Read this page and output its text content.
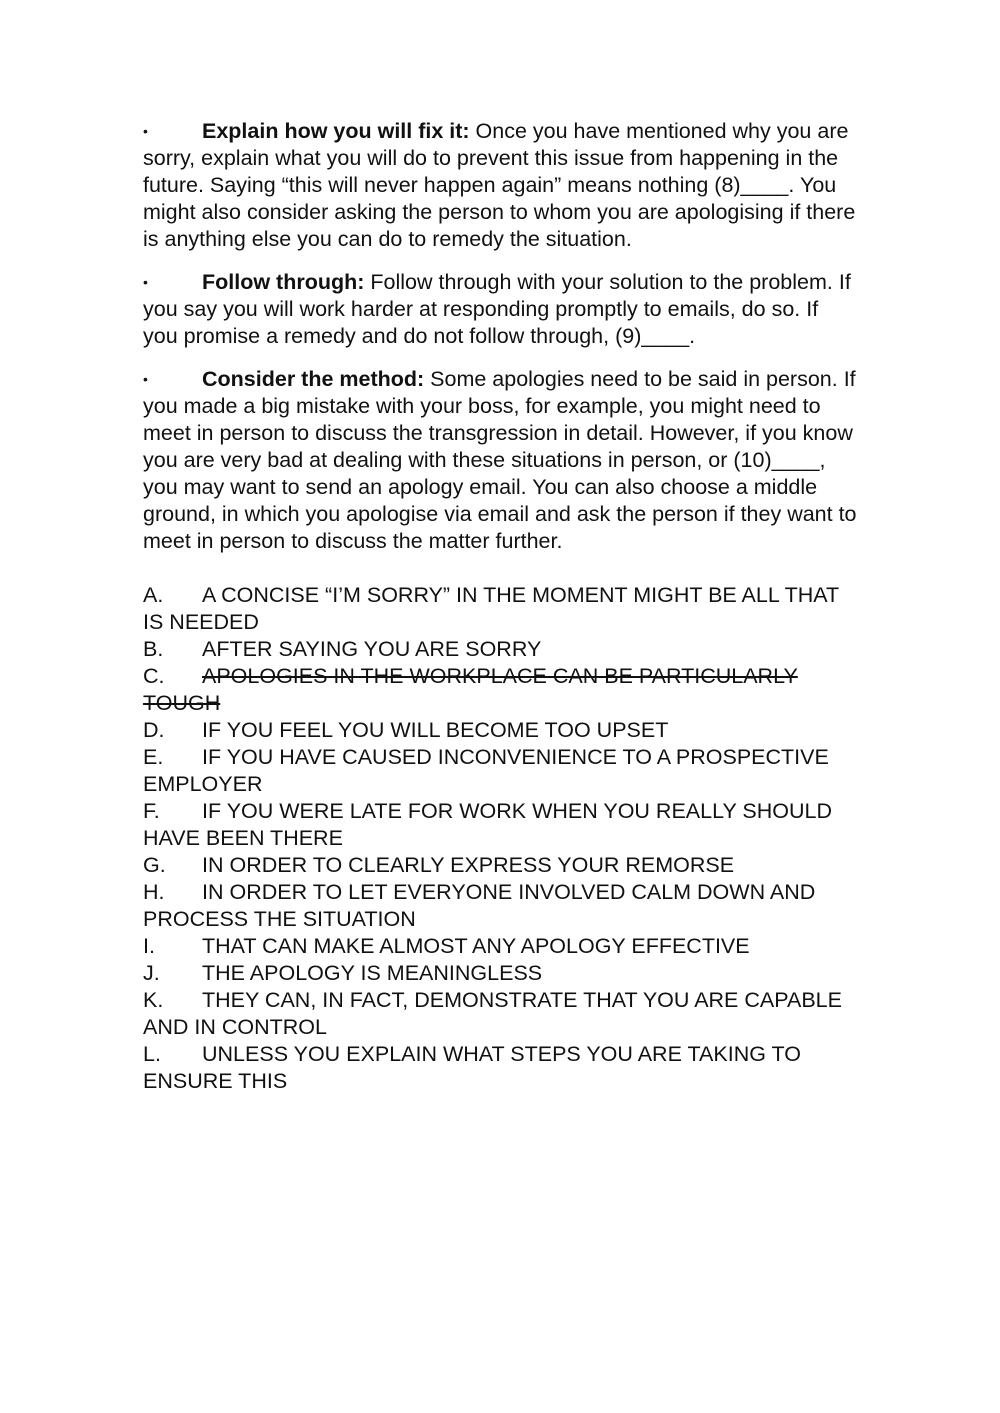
•	Explain how you will fix it: Once you have mentioned why you are sorry, explain what you will do to prevent this issue from happening in the future. Saying “this will never happen again” means nothing (8)____. You might also consider asking the person to whom you are apologising if there is anything else you can do to remedy the situation.

•	Follow through: Follow through with your solution to the problem. If you say you will work harder at responding promptly to emails, do so. If you promise a remedy and do not follow through, (9)____.

•	Consider the method: Some apologies need to be said in person. If you made a big mistake with your boss, for example, you might need to meet in person to discuss the transgression in detail. However, if you know you are very bad at dealing with these situations in person, or (10)____, you may want to send an apology email. You can also choose a middle ground, in which you apologise via email and ask the person if they want to meet in person to discuss the matter further.

A. A CONCISE “I’M SORRY” IN THE MOMENT MIGHT BE ALL THAT IS NEEDED

B. AFTER SAYING YOU ARE SORRY

C. APOLOGIES IN THE WORKPLACE CAN BE PARTICULARLY TOUGH

D. IF YOU FEEL YOU WILL BECOME TOO UPSET

E. IF YOU HAVE CAUSED INCONVENIENCE TO A PROSPECTIVE EMPLOYER

F. IF YOU WERE LATE FOR WORK WHEN YOU REALLY SHOULD HAVE BEEN THERE

G. IN ORDER TO CLEARLY EXPRESS YOUR REMORSE

H. IN ORDER TO LET EVERYONE INVOLVED CALM DOWN AND PROCESS THE SITUATION

I. THAT CAN MAKE ALMOST ANY APOLOGY EFFECTIVE

J. THE APOLOGY IS MEANINGLESS

K. THEY CAN, IN FACT, DEMONSTRATE THAT YOU ARE CAPABLE AND IN CONTROL

L. UNLESS YOU EXPLAIN WHAT STEPS YOU ARE TAKING TO ENSURE THIS
